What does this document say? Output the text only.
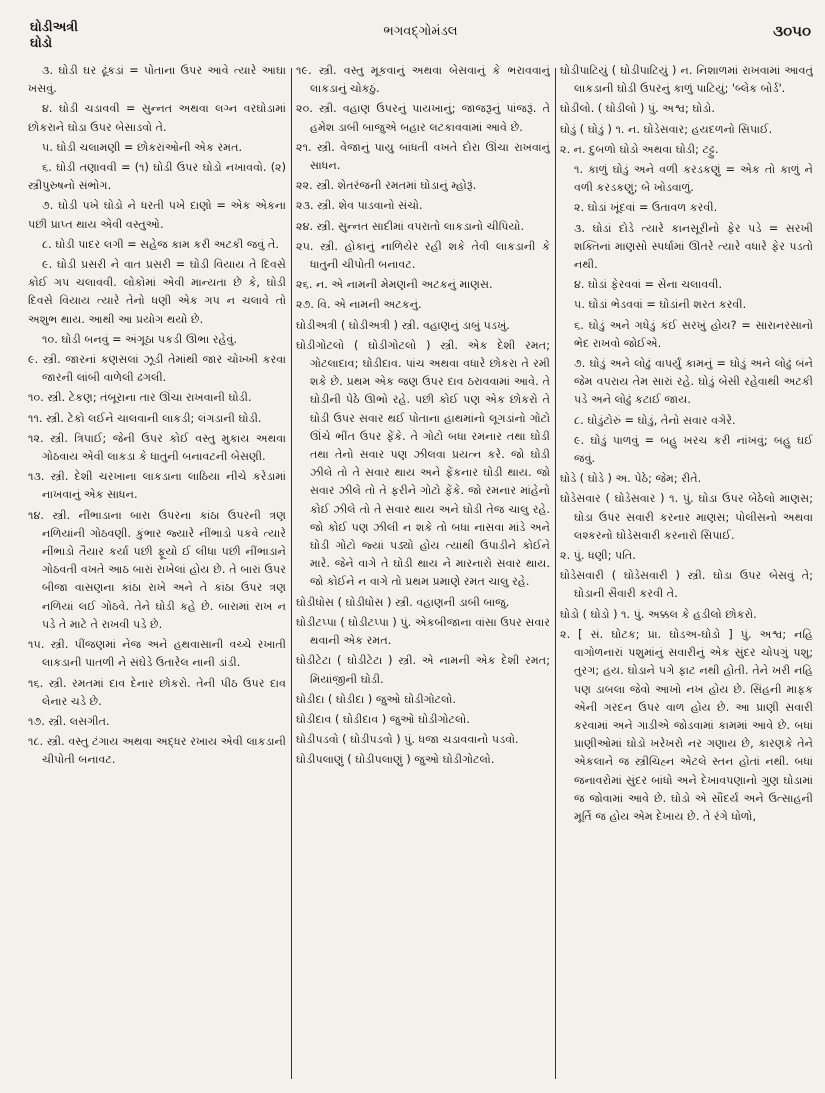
ઘોડીઅત્રી
ઘોડો
ભગવદ્ગોમંડલ	૩૦૫૦

૩. ઘોડી ઘર ઢૂંકડાં = પોતાના ઉપર આવે ત્યારે આઘા ખસવું.

૪. ઘોડી ચડાવવી = સુન્નત અથવા લગ્ન વરઘોડામાં છોકરાને ઘોડા ઉપર બેસાડવો તે.

૫. ઘોડી ચલામણી = છોકરાંઓની એક રમત.

૬. ઘોડી તણાવવી = (૧) ઘોડી ઉપર ઘોડો નખાવવો. (૨) સ્ત્રીપુરુષનો સંભોગ.

૭. ઘોડી પખે ઘોડો ને ધરતી પખે દાણો = એક એકના પછી પ્રાપ્ત થાય એવી વસ્તુઓ.

૮. ઘોડી પાદર લગી = સહેજ કામ કરી અટકી જવું તે.

૯. ઘોડી પ્રસરી ને વાત પ્રસરી = ઘોડી વિયાય તે દિવસે કોઈ ગપ ચલાવવી. લોકોમાં એવી માન્યતા છે કે, ઘોડી દિવસે વિયાય ત્યારે તેનો ધણી એક ગપ ન ચલાવે તો અશુભ થાય. આથી આ પ્રયોગ થયો છે.

૧૦. ઘોડી બનવું = અંગૂઠા પકડી ઊભા રહેવું.

૯. સ્ત્રી. જારનાં કણસલાં ઝૂડી તેમાંથી જાર ચોખ્ખી કરવા જારની લાંબી વાળેલી ઢગલી.

૧૦. સ્ત્રી. ટેકણ; તંબૂરાના તાર ઊંચા રાખવાની ઘોડી.

૧૧. સ્ત્રી. ટેકો લઈને ચાલવાની લાકડી; લંગડાની ઘોડી.

૧૨. સ્ત્રી. ત્રિપાઈ; જેની ઉપર કોઈ વસ્તુ મુકાય અથવા ગોઠવાય એવી લાકડા કે ધાતુની બનાવટની બેસણી.

૧૩. સ્ત્રી. દેશી ચરખાના લાકડાના લાઠિયા નીચે કરેડામાં નાખવાનું એક સાધન.

૧૪. સ્ત્રી. નીંભાડાના બારા ઉપરના કાંઠા ઉપરની ત્રણ નળિયાંની ગોઠવણી. કુંભાર જ્યારે નીંભાડો પકવે ત્યારે નીંભાડો તૈયાર કર્યા પછી ફૂયો ઈ લીધા પછી નીંભાડાને ગોઠવતી વખતે આઠ બારાં રાખેલાં હોય છે. તે બારાં ઉપર બીજા વાસણના કાંઠા રાખે અને તે કાંઠા ઉપર ત્રણ નળિયાં લઈ ગોઠવે. તેને ઘોડી કહે છે. બારામાં રાખ ન પડે તે માટે તે રાખવી પડે છે.

૧૫. સ્ત્રી. પીંજણમાં નેજ અને હથવાસાની વચ્ચે રખાતી લાકડાની પાતળી ને સંઘેડે ઉતારેલ નાની ડાંડી.

૧૬. સ્ત્રી. રમતમાં દાવ દેનાર છોકરો. તેની પીઠ ઉપર દાવ લેનાર ચડે છે.

૧૭. સ્ત્રી. લસગીત.

૧૮. સ્ત્રી. વસ્તુ ટંગાય અથવા અદ્ધર રખાય એવી લાકડાની ચીપોતી બનાવટ.

૧૯. સ્ત્રી. વસ્તુ મૂકવાનું અથવા બેસવાનું કે ભરાવવાનું લાકડાનું ચોકઠું.

૨૦. સ્ત્રી. વહાણ ઉપરનું પાયખાનું; જાજરૂનું પાંજરૂં. તે હમેશ ડાબી બાજુએ બહાર લટકાવવામાં આવે છે.

૨૧. સ્ત્રી. વેજાનું પાયુ બાંધતી વખતે દોરા ઊંચા રાખવાનું સાધન.

૨૨. સ્ત્રી. શેતરંજની રમતમાં ઘોડાનું મ્હોરૂં.

૨૩. સ્ત્રી. શેવ પાડવાનો સંચો.

૨૪. સ્ત્રી. સુન્નત સાદીમાં વપરાતો લાકડાનો ચીપિયો.

૨૫. સ્ત્રી. હોકાનું નાળિયેર રહી શકે તેવી લાકડાની કે ધાતુની ચીપોતી બનાવટ.

૨૬. ન. એ નામની મેમણની અટકનું માણસ.

૨૭. વિ. એ નામની અટકનું.

ઘોડીઅત્રી ( ઘોડીઅત્રી ) સ્ત્રી. વહાણનું ડાબું પડખું.

ઘોડીગોટલો ( ઘોડીગોટલો ) સ્ત્રી. એક દેશી રમત; ગોટલાદાવ; ઘોડીદાવ. પાંચ અથવા વધારે છોકરા તે રમી શકે છે. પ્રથમ એક જણ ઉપર દાવ ઠરાવવામાં આવે. તે ઘોડીની પેઠે ઊભો રહે. પછી કોઈ પણ એક છોકરો તે ઘોડી ઉપર સવાર થઈ પોતાના હાથમાંનો લૂગડાંનો ગોટો ઊંચે ભીંત ઉપર ફેંકે. તે ગોટો બધા રમનાર તથા ઘોડી તથા તેનો સવાર પણ ઝીલવા પ્રયત્ન કરે. જો ઘોડી ઝીલે તો તે સવાર થાય અને ફેંકનાર ઘોડી થાય. જો સવાર ઝીલે તો તે ફરીને ગોટો ફેંકે. જો રમનાર માંહેનો કોઈ ઝીલે તો તે સવાર થાય અને ઘોડી તેજ ચાલુ રહે. જો કોઈ પણ ઝીલી ન શકે તો બધા નાસવા માંડે અને ઘોડી ગોટો જ્યાં પડ્યો હોય ત્યાંથી ઉપાડીને કોઈને મારે. જેને વાગે તે ઘોડી થાય ને મારનારો સવાર થાય. જો કોઈને ન વાગે તો પ્રથમ પ્રમાણે રમત ચાલુ રહે.

ઘોડીધોસ ( ઘોડીધોસ ) સ્ત્રી. વહાણની ડાબી બાજુ.

ઘોડીટપ્પા ( ઘોડીટપ્પા ) પું. એકબીજાના વાંસા ઉપર સવાર થવાની એક રમત.

ઘોડીટેટા ( ઘોડીટેટા ) સ્ત્રી. એ નામની એક દેશી રમત; મિયાંજીની ઘોડી.

ઘોડીદા ( ઘોડીદા ) જુઓ ઘોડીગોટલો.

ઘોડીદાવ ( ઘોડીદાવ ) જુઓ ઘોડીગોટલો.

ઘોડીપડવો ( ઘોડીપડવો ) પું. ધજા ચડાવવાનો પડવો.

ઘોડીપલાણું ( ઘોડીપલાણું ) જુઓ ઘોડીગોટલો.

ઘોડીપાટિયું ( ઘોડીપાટિયું ) ન. નિશાળમાં રાખવામાં આવતું લાકડાની ઘોડી ઉપરનું કાળું પાટિયું; 'બ્લેક બોર્ડ'.

ઘોડીલો. ( ઘોડીલો ) પું. અશ્વ; ઘોડો.

ઘોડું ( ઘોડું ) ૧. ન. ઘોડેસવાર; હયદળનો સિપાઈ.

૨. ન. દુબળો ઘોડો અથવા ઘોડી; ટટ્ટુ.

૧. કાળું ઘોડું અને વળી કરડકણું = એક તો કાળું ને વળી કરડકણું; બે ખોડવાળું.

૨. ઘોડાં ખૂંદવાં = ઉતાવળ કરવી.

૩. ઘોડાં દોડે ત્યારે કાનસૂરીનો ફેર પડે = સરખી શક્તિનાં માણસો સ્પર્ધામાં ઊતરે ત્યારે વધારે ફેર પડતો નથી.

૪. ઘોડાં ફેરવવાં = સેના ચલાવવી.

૫. ઘોડાં ભેડવવાં = ઘોડાંની શરત કરવી.

૬. ઘોડું અને ગધેડું કંઈ સરખું હોય? = સારાનરસાનો ભેદ રાખવો જોઈએ.

૭. ઘોડું અને લોઢું વાપર્યું કામનું = ઘોડું અને લોઢું બંને જેમ વપરાય તેમ સારાં રહે. ઘોડું બેસી રહેવાથી અટકી પડે અને લોઢું કટાઈ જાય.

૮. ઘોડુંટોરું = ઘોડું, તેનો સવાર વગેરે.

૯. ઘોડું પાળવું = બહુ ખરચ કરી નાંખવું; બહુ ઘઈ જવું.

ઘોડે ( ઘોડે ) અ. પેઠે; જેમ; રીતે.

ઘોડેસવાર ( ઘોડેસવાર ) ૧. પું. ઘોડા ઉપર બેઠેલો માણસ; ઘોડા ઉપર સવારી કરનાર માણસ; પોલીસનો અથવા લશ્કરનો ઘોડેસવારી કરનારો સિપાઈ.

૨. પું. ધણી; પતિ.

ઘોડેસવારી ( ઘોડેસવારી ) સ્ત્રી. ઘોડા ઉપર બેસવું તે; ઘોડાની સૈવારી કરવી તે.

ઘોડો ( ઘોડો ) ૧. પું. અક્કલ કે હડીલો છોકરો.

૨. [ સં. ઘોટક; પ્રા. ઘોડઅ-ઘોડો ] પું. અશ્વ; નહિ વાગોળનારાં પશુમાંનું સવારીનું એક સુંદર ચોપગું પશુ; તુરગ; હય. ઘોડાને પગે ફાટ નથી હોતી. તેને ખરી નહિ પણ ડાબલા જેવો આખો નખ હોય છે. સિંહની માફક એની ગરદન ઉપર વાળ હોય છે. આ પ્રાણી સવારી કરવામાં અને ગાડીએ જોડવામાં કામમાં આવે છે. બધાં પ્રાણીઓમાં ઘોડો ખરેખરો નર ગણાય છે, કારણકે તેને એકલાને જ સ્ત્રીચિહ્ન એટલે સ્તન હોતાં નથી. બધાં જનાવરોમાં સુંદર બાંધો અને દેખાવપણાનો ગુણ ઘોડામાં જ જોવામાં આવે છે. ઘોડો એ સૌંદર્ય અને ઉત્સાહની મૂર્તિ જ હોય એમ દેખાય છે. તે રંગે ધોળો,
